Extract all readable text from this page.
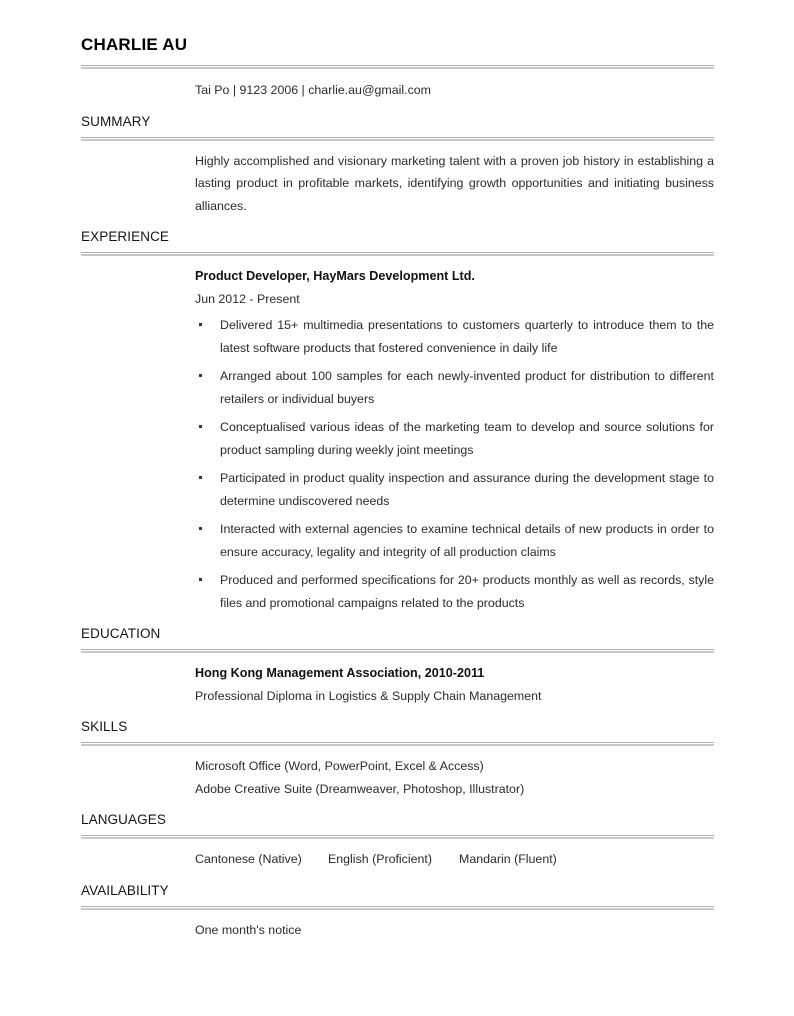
CHARLIE AU
Tai Po | 9123 2006 | charlie.au@gmail.com
SUMMARY

Highly accomplished and visionary marketing talent with a proven job history in establishing a lasting product in profitable markets, identifying growth opportunities and initiating business alliances.

EXPERIENCE
Product Developer, HayMars Development Ltd.
Jun 2012 - Present
Delivered 15+ multimedia presentations to customers quarterly to introduce them to the latest software products that fostered convenience in daily life
Arranged about 100 samples for each newly-invented product for distribution to different retailers or individual buyers
Conceptualised various ideas of the marketing team to develop and source solutions for product sampling during weekly joint meetings
Participated in product quality inspection and assurance during the development stage to determine undiscovered needs
Interacted with external agencies to examine technical details of new products in order to ensure accuracy, legality and integrity of all production claims
Produced and performed specifications for 20+ products monthly as well as records, style files and promotional campaigns related to the products
EDUCATION
Hong Kong Management Association, 2010-2011
Professional Diploma in Logistics & Supply Chain Management
SKILLS
Microsoft Office (Word, PowerPoint, Excel & Access)
Adobe Creative Suite (Dreamweaver, Photoshop, Illustrator)
LANGUAGES
Cantonese (Native)	English (Proficient)	Mandarin (Fluent)
AVAILABILITY
One month's notice
